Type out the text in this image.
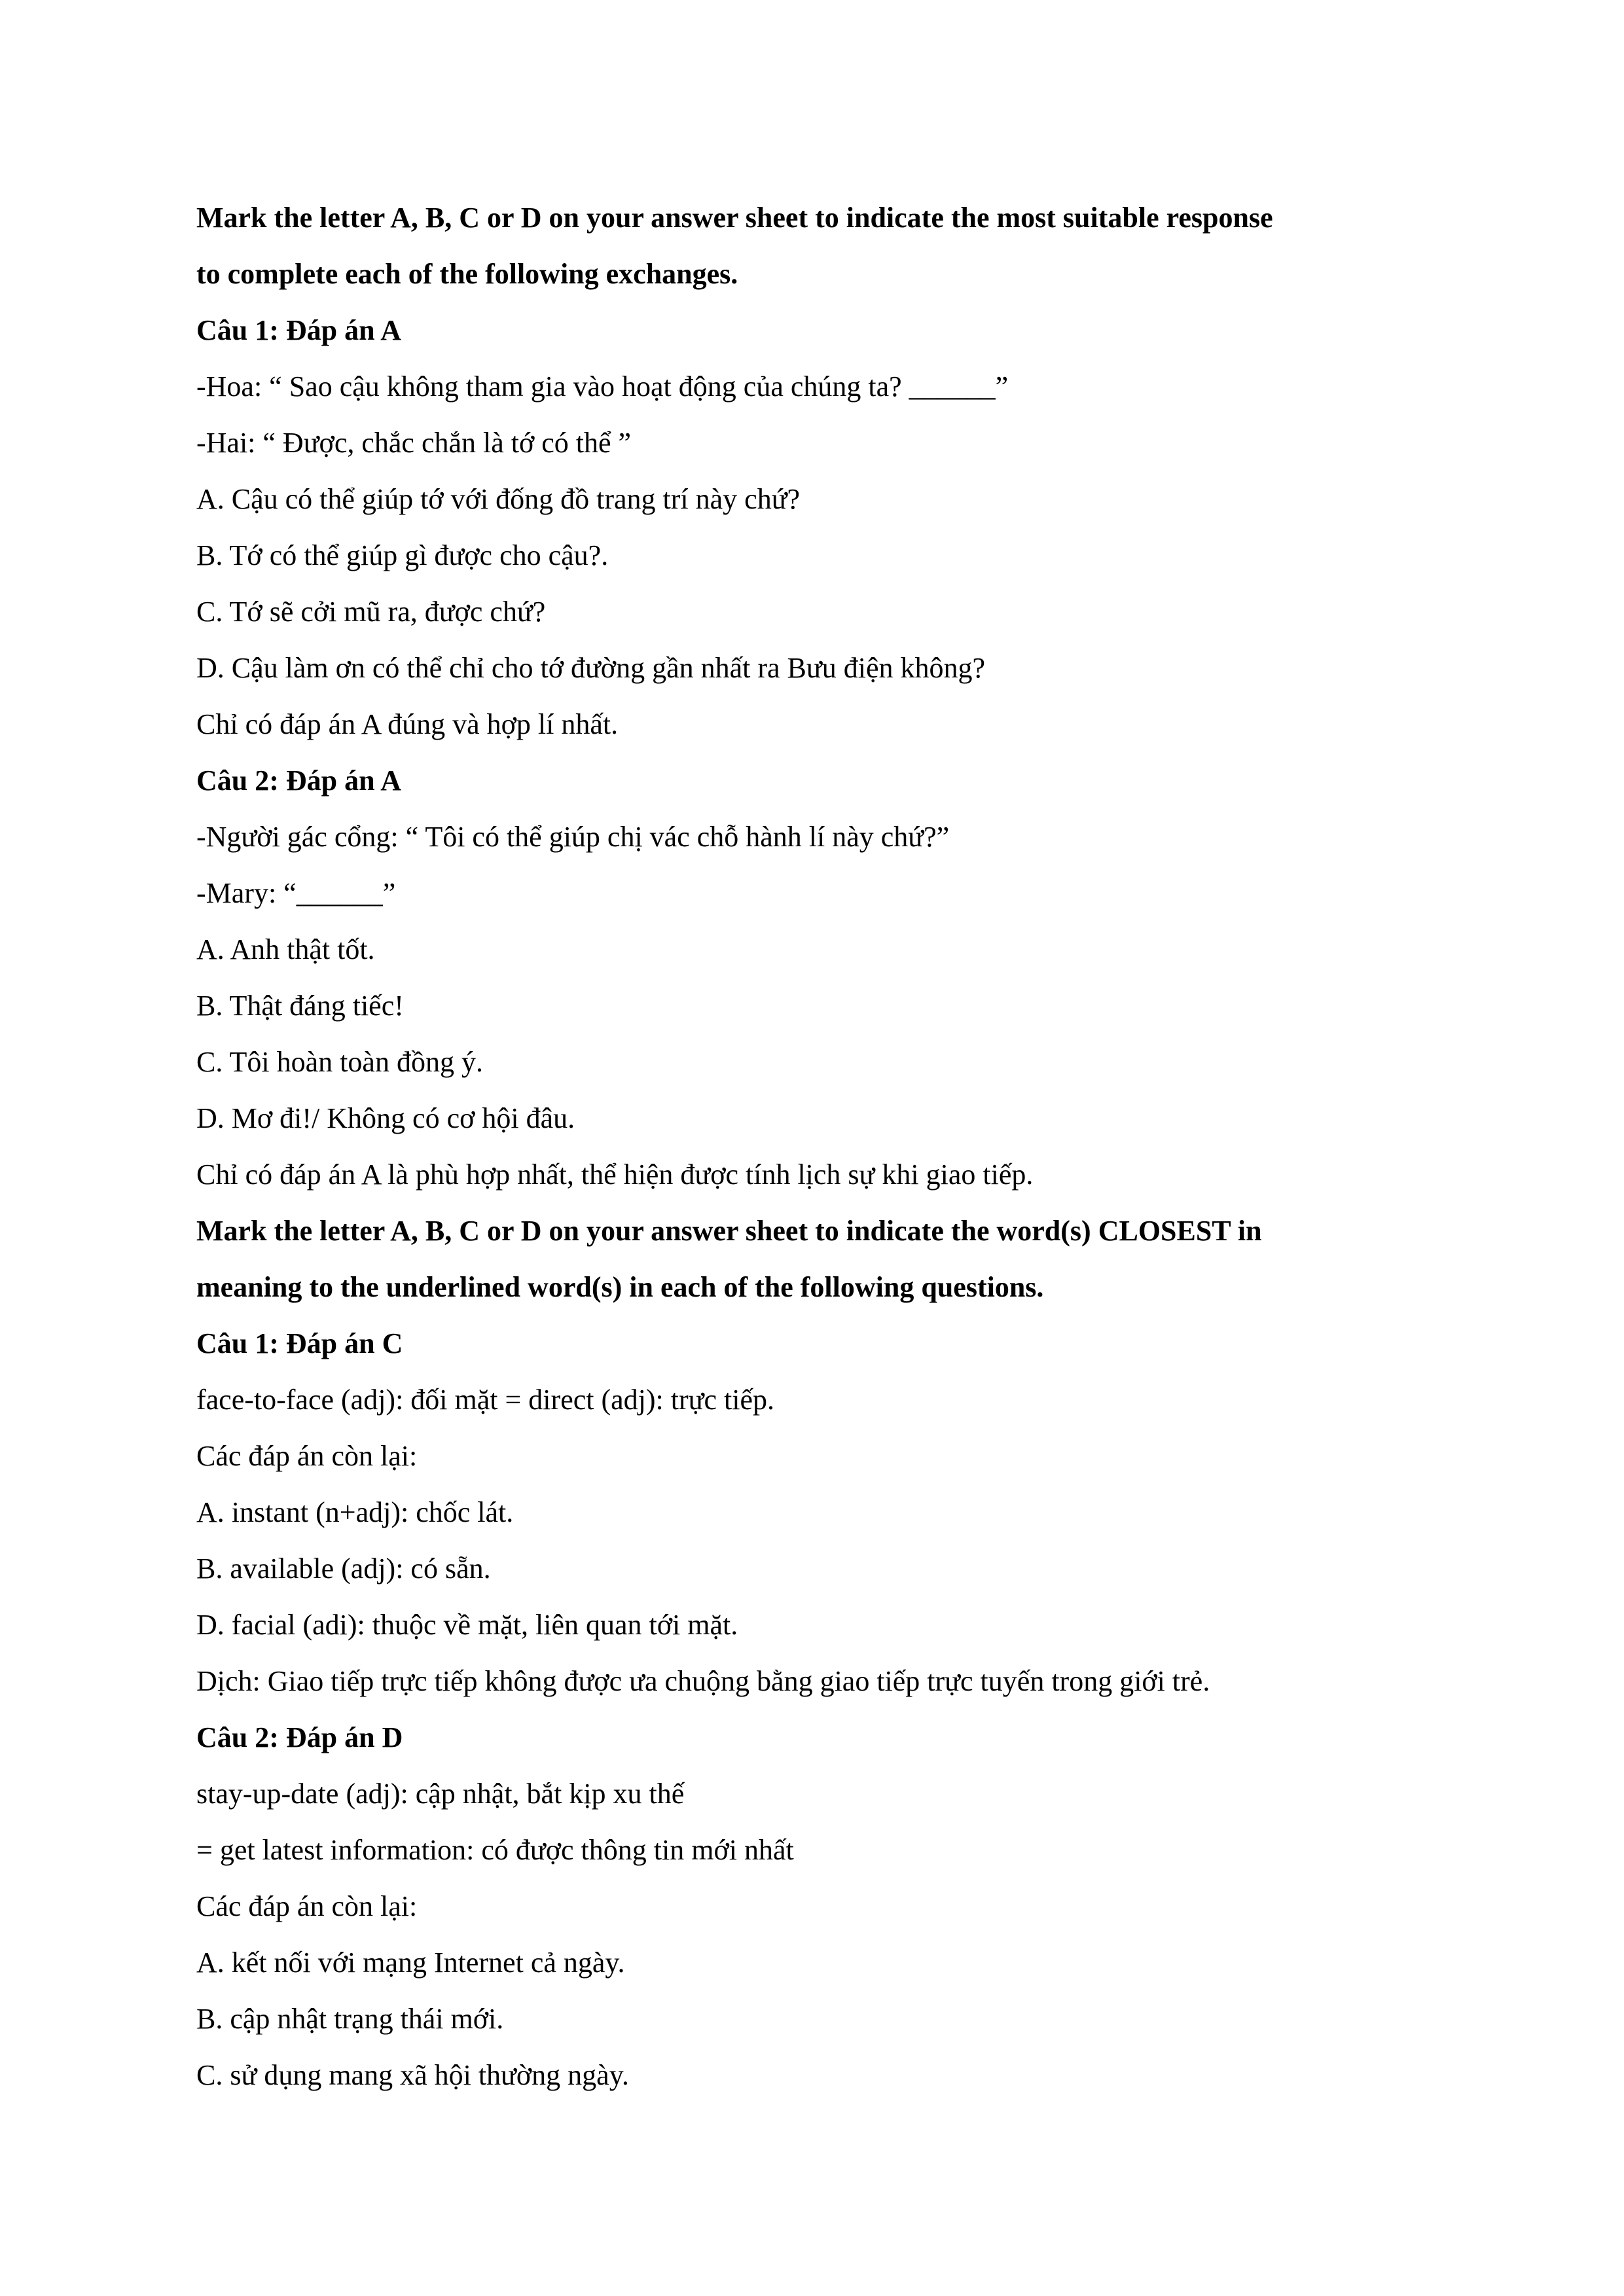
Mark the letter A, B, C or D on your answer sheet to indicate the most suitable response
to complete each of the following exchanges.
Câu 1: Đáp án A
-Hoa: “ Sao cậu không tham gia vào hoạt động của chúng ta? ______”
-Hai: “ Được, chắc chắn là tớ có thể ”
A. Cậu có thể giúp tớ với đống đồ trang trí này chứ?
B. Tớ có thể giúp gì được cho cậu?.
C. Tớ sẽ cởi mũ ra, được chứ?
D. Cậu làm ơn có thể chỉ cho tớ đường gần nhất ra Bưu điện không?
Chỉ có đáp án A đúng và hợp lí nhất.
Câu 2: Đáp án A
-Người gác cổng: “ Tôi có thể giúp chị vác chỗ hành lí này chứ?”
-Mary: “______”
A. Anh thật tốt.
B. Thật đáng tiếc!
C. Tôi hoàn toàn đồng ý.
D. Mơ đi!/ Không có cơ hội đâu.
Chỉ có đáp án A là phù hợp nhất, thể hiện được tính lịch sự khi giao tiếp.
Mark the letter A, B, C or D on your answer sheet to indicate the word(s) CLOSEST in
meaning to the underlined word(s) in each of the following questions.
Câu 1: Đáp án C
face-to-face (adj): đối mặt = direct (adj): trực tiếp.
Các đáp án còn lại:
A. instant (n+adj): chốc lát.
B. available (adj): có sẵn.
D. facial (adi): thuộc về mặt, liên quan tới mặt.
Dịch: Giao tiếp trực tiếp không được ưa chuộng bằng giao tiếp trực tuyến trong giới trẻ.
Câu 2: Đáp án D
stay-up-date (adj): cập nhật, bắt kịp xu thế
= get latest information: có được thông tin mới nhất
Các đáp án còn lại:
A. kết nối với mạng Internet cả ngày.
B. cập nhật trạng thái mới.
C. sử dụng mang xã hội thường ngày.
